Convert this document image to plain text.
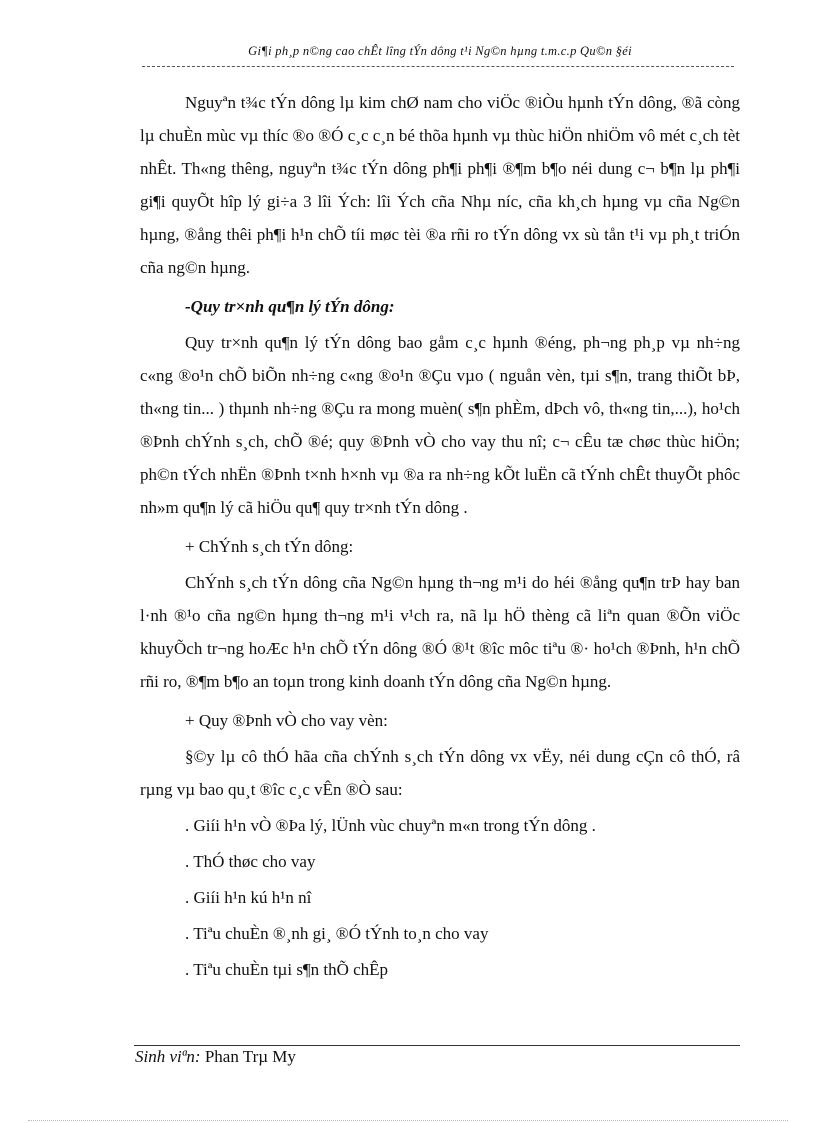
Gi¶i ph¸p n©ng cao chÊt lîng tÝn dông t¹i Ng©n hµng t.m.c.p Qu©n §éi

Nguyªn t¾c tÝn dông lµ kim chØ nam cho viÖc ®iÒu hµnh tÝn dông, ®ã còng lµ chuÈn mùc vµ thíc ®o ®Ó c¸c c¸n bé thõa hµnh vµ thùc hiÖn nhiÖm vô mét c¸ch tèt nhÊt. Th«ng thêng, nguyªn t¾c tÝn dông ph¶i ph¶i ®¶m b¶o néi dung c¬ b¶n lµ ph¶i gi¶i quyÕt hîp lý gi÷a 3 lîi Ých: lîi Ých cña Nhµ níc, cña kh¸ch hµng vµ cña Ng©n hµng, ®ång thêi ph¶i h¹n chÕ tíi møc tèi ®a rñi ro tÝn dông vx sù tån t¹i vµ ph¸t triÓn cña ng©n hµng.

-Quy tr×nh qu¶n lý tÝn dông:

Quy tr×nh qu¶n lý tÝn dông bao gåm c¸c hµnh ®éng, ph¬ng ph¸p vµ nh÷ng c«ng ®o¹n chÕ biÕn nh÷ng c«ng ®o¹n ®Çu vµo ( nguån vèn, tµi s¶n, trang thiÕt bÞ, th«ng tin... ) thµnh nh÷ng ®Çu ra mong muèn( s¶n phÈm, dÞch vô, th«ng tin,...), ho¹ch ®Þnh chÝnh s¸ch, chÕ ®é; quy ®Þnh vÒ cho vay thu nî; c¬ cÊu tæ chøc thùc hiÖn; ph©n tÝch nhËn ®Þnh t×nh h×nh vµ ®a ra nh÷ng kÕt luËn cã tÝnh chÊt thuyÕt phôc nh»m qu¶n lý cã hiÖu qu¶ quy tr×nh tÝn dông .

+ ChÝnh s¸ch tÝn dông:

ChÝnh s¸ch tÝn dông cña Ng©n hµng th¬ng m¹i do héi ®ång qu¶n trÞ hay ban l·nh ®¹o cña ng©n hµng th¬ng m¹i v¹ch ra, nã lµ hÖ thèng cã liªn quan ®Õn viÖc khuyÕch tr¬ng hoÆc h¹n chÕ tÝn dông ®Ó ®¹t ®îc môc tiªu ®· ho¹ch ®Þnh, h¹n chÕ rñi ro, ®¶m b¶o an toµn trong kinh doanh tÝn dông cña Ng©n hµng.

+ Quy ®Þnh vÒ cho vay vèn:

§©y lµ cô thÓ hãa cña chÝnh s¸ch tÝn dông vx vËy, néi dung cÇn cô thÓ, râ rµng vµ bao qu¸t ®îc c¸c vÊn ®Ò sau:

. Giíi h¹n vÒ ®Þa lý, lÜnh vùc chuyªn m«n trong tÝn dông .

. ThÓ thøc cho vay

. Giíi h¹n kú h¹n nî

. Tiªu chuÈn ®¸nh gi¸ ®Ó tÝnh to¸n cho vay

. Tiªu chuÈn tµi s¶n thÕ chÊp

Sinh viªn: Phan Trµ My
